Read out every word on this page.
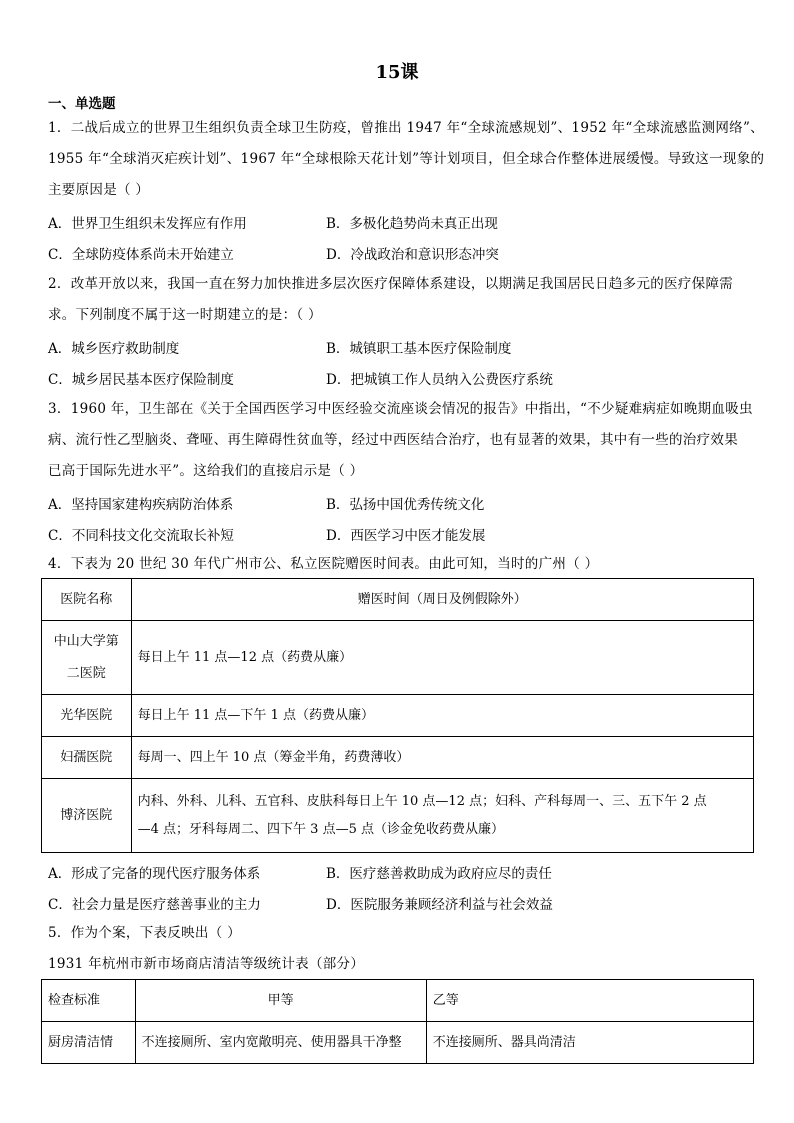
15课
一、单选题
1．二战后成立的世界卫生组织负责全球卫生防疫，曾推出 1947 年“全球流感规划”、1952 年“全球流感监测网络”、
1955 年“全球消灭疟疾计划”、1967 年“全球根除天花计划”等计划项目，但全球合作整体进展缓慢。导致这一现象的
主要原因是（ ）
A．世界卫生组织未发挥应有作用	B．多极化趋势尚未真正出现
C．全球防疫体系尚未开始建立	D．冷战政治和意识形态冲突
2．改革开放以来，我国一直在努力加快推进多层次医疗保障体系建设，以期满足我国居民日趋多元的医疗保障需
求。下列制度不属于这一时期建立的是：（ ）
A．城乡医疗救助制度	B．城镇职工基本医疗保险制度
C．城乡居民基本医疗保险制度	D．把城镇工作人员纳入公费医疗系统
3．1960 年，卫生部在《关于全国西医学习中医经验交流座谈会情况的报告》中指出，“不少疑难病症如晚期血吸虫
病、流行性乙型脑炎、聋哑、再生障碍性贫血等，经过中西医结合治疗，也有显著的效果，其中有一些的治疗效果
已高于国际先进水平”。这给我们的直接启示是（ ）
A．坚持国家建构疾病防治体系	B．弘扬中国优秀传统文化
C．不同科技文化交流取长补短	D．西医学习中医才能发展
4．下表为 20 世纪 30 年代广州市公、私立医院赠医时间表。由此可知，当时的广州（ ）
医院名称	赠医时间（周日及例假除外）

中山大学第二医院	每日上午 11 点—12 点（药费从廉）
光华医院	每日上午 11 点—下午 1 点（药费从廉）
妇孺医院	每周一、四上午 10 点（筹金半角，药费薄收）
博济医院	内科、外科、儿科、五官科、皮肤科每日上午 10 点—12 点；妇科、产科每周一、三、五下午 2 点
—4 点；牙科每周二、四下午 3 点—5 点（诊金免收药费从廉）
A．形成了完备的现代医疗服务体系	B．医疗慈善救助成为政府应尽的责任
C．社会力量是医疗慈善事业的主力	D．医院服务兼顾经济利益与社会效益
5．作为个案，下表反映出（ ）
1931 年杭州市新市场商店清洁等级统计表（部分）
检查标准	甲等	乙等
厨房清洁情	不连接厕所、室内宽敞明亮、使用器具干净整	不连接厕所、器具尚清洁
